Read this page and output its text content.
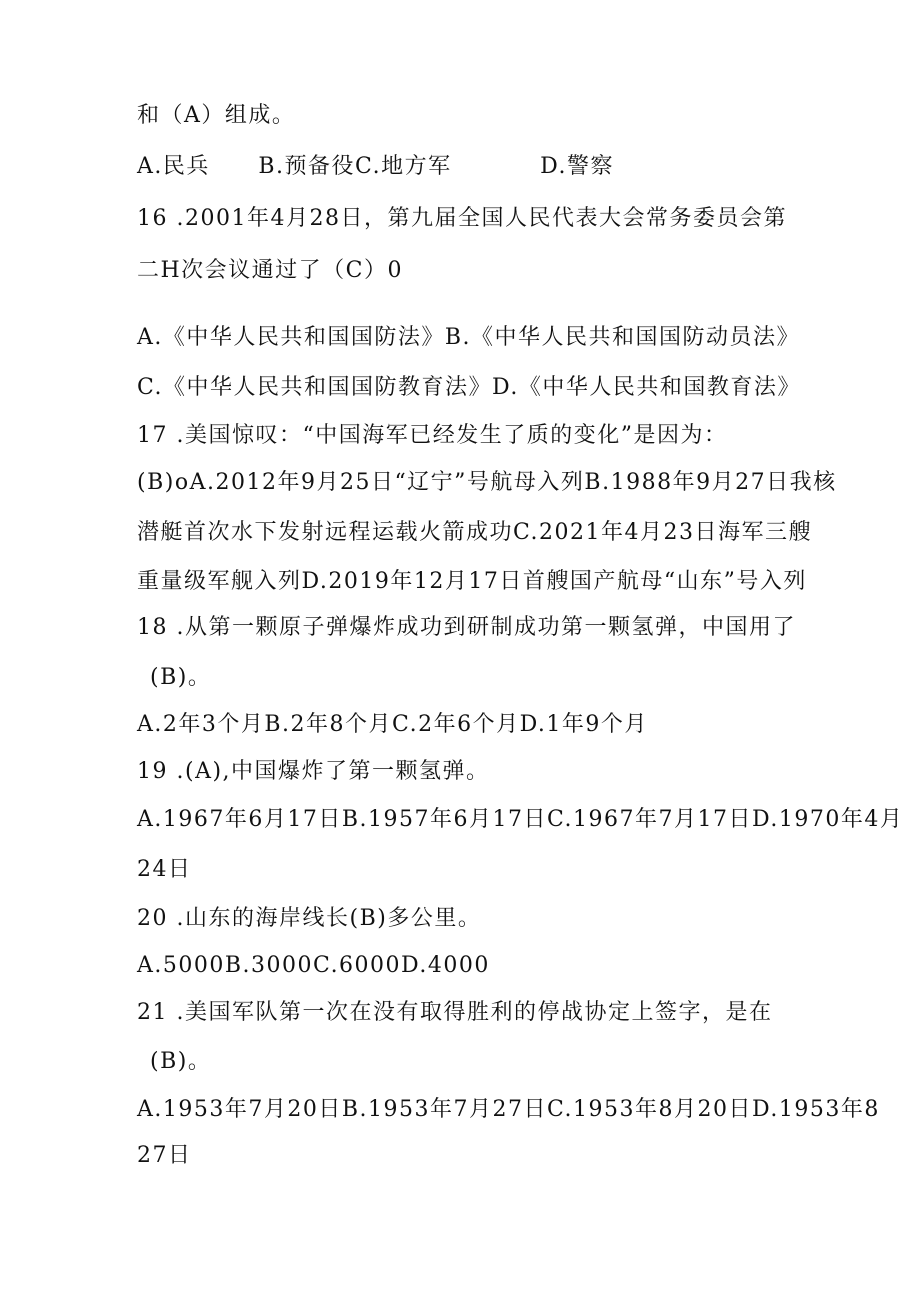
和（A）组成。
A.民兵 B.预备役C.地方军	D.警察
16 .2001年4月28日，第九届全国人民代表大会常务委员会第
二H次会议通过了（C）0
A.《中华人民共和国国防法》B.《中华人民共和国国防动员法》
C.《中华人民共和国国防教育法》D.《中华人民共和国教育法》
17 .美国惊叹：“中国海军已经发生了质的变化”是因为：
(B)oA.2012年9月25日“辽宁”号航母入列B.1988年9月27日我核
潜艇首次水下发射远程运载火箭成功C.2021年4月23日海军三艘
重量级军舰入列D.2019年12月17日首艘国产航母“山东”号入列
18 .从第一颗原子弹爆炸成功到研制成功第一颗氢弹，中国用了
(B)。
A.2年3个月B.2年8个月C.2年6个月D.1年9个月
19 .(A),中国爆炸了第一颗氢弹。
A.1967年6月17日B.1957年6月17日C.1967年7月17日D.1970年4月
24日
20 .山东的海岸线长(B)多公里。
A.5000B.3000C.6000D.4000
21 .美国军队第一次在没有取得胜利的停战协定上签字，是在
(B)。
A.1953年7月20日B.1953年7月27日C.1953年8月20日D.1953年8
27日
